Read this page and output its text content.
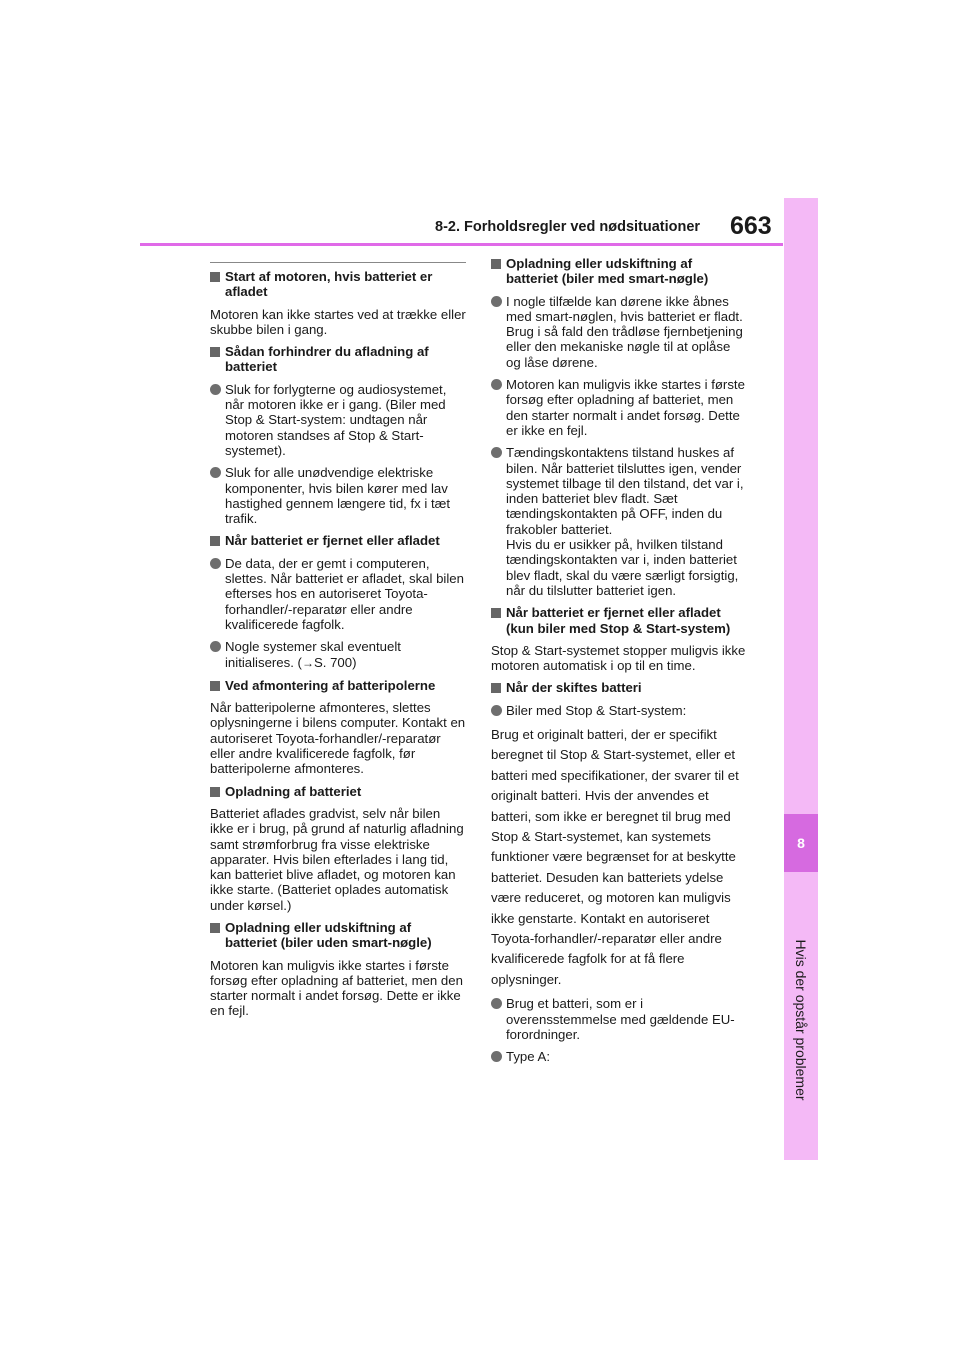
8-2. Forholdsregler ved nødsituationer 663
8
Hvis der opstår problemer
Start af motoren, hvis batteriet er afladet
Motoren kan ikke startes ved at trække eller skubbe bilen i gang.
Sådan forhindrer du afladning af batteriet
Sluk for forlygterne og audiosystemet, når motoren ikke er i gang. (Biler med Stop & Start-system: undtagen når motoren standses af Stop & Start-systemet).
Sluk for alle unødvendige elektriske komponenter, hvis bilen kører med lav hastighed gennem længere tid, fx i tæt trafik.
Når batteriet er fjernet eller afladet
De data, der er gemt i computeren, slettes. Når batteriet er afladet, skal bilen efterses hos en autoriseret Toyota-forhandler/-reparatør eller andre kvalificerede fagfolk.
Nogle systemer skal eventuelt initialiseres. (→S. 700)
Ved afmontering af batteripolerne
Når batteripolerne afmonteres, slettes oplysningerne i bilens computer. Kontakt en autoriseret Toyota-forhandler/-reparatør eller andre kvalificerede fagfolk, før batteripolerne afmonteres.
Opladning af batteriet
Batteriet aflades gradvist, selv når bilen ikke er i brug, på grund af naturlig afladning samt strømforbrug fra visse elektriske apparater. Hvis bilen efterlades i lang tid, kan batteriet blive afladet, og motoren kan ikke starte. (Batteriet oplades automatisk under kørsel.)
Opladning eller udskiftning af batteriet (biler uden smart-nøgle)
Motoren kan muligvis ikke startes i første forsøg efter opladning af batteriet, men den starter normalt i andet forsøg. Dette er ikke en fejl.
Opladning eller udskiftning af batteriet (biler med smart-nøgle)
I nogle tilfælde kan dørene ikke åbnes med smart-nøglen, hvis batteriet er fladt. Brug i så fald den trådløse fjernbetjening eller den mekaniske nøgle til at oplåse og låse dørene.
Motoren kan muligvis ikke startes i første forsøg efter opladning af batteriet, men den starter normalt i andet forsøg. Dette er ikke en fejl.
Tændingskontaktens tilstand huskes af bilen. Når batteriet tilsluttes igen, vender systemet tilbage til den tilstand, det var i, inden batteriet blev fladt. Sæt tændingskontakten på OFF, inden du frakobler batteriet.
Hvis du er usikker på, hvilken tilstand tændingskontakten var i, inden batteriet blev fladt, skal du være særligt forsigtig, når du tilslutter batteriet igen.
Når batteriet er fjernet eller afladet (kun biler med Stop & Start-system)
Stop & Start-systemet stopper muligvis ikke motoren automatisk i op til en time.
Når der skiftes batteri
Biler med Stop & Start-system:
Brug et originalt batteri, der er specifikt beregnet til Stop & Start-systemet, eller et batteri med specifikationer, der svarer til et originalt batteri. Hvis der anvendes et batteri, som ikke er beregnet til brug med Stop & Start-systemet, kan systemets funktioner være begrænset for at beskytte batteriet. Desuden kan batteriets ydelse være reduceret, og motoren kan muligvis ikke genstarte. Kontakt en autoriseret Toyota-forhandler/-reparatør eller andre kvalificerede fagfolk for at få flere oplysninger.
Brug et batteri, som er i overensstemmelse med gældende EU-forordninger.
Type A:
